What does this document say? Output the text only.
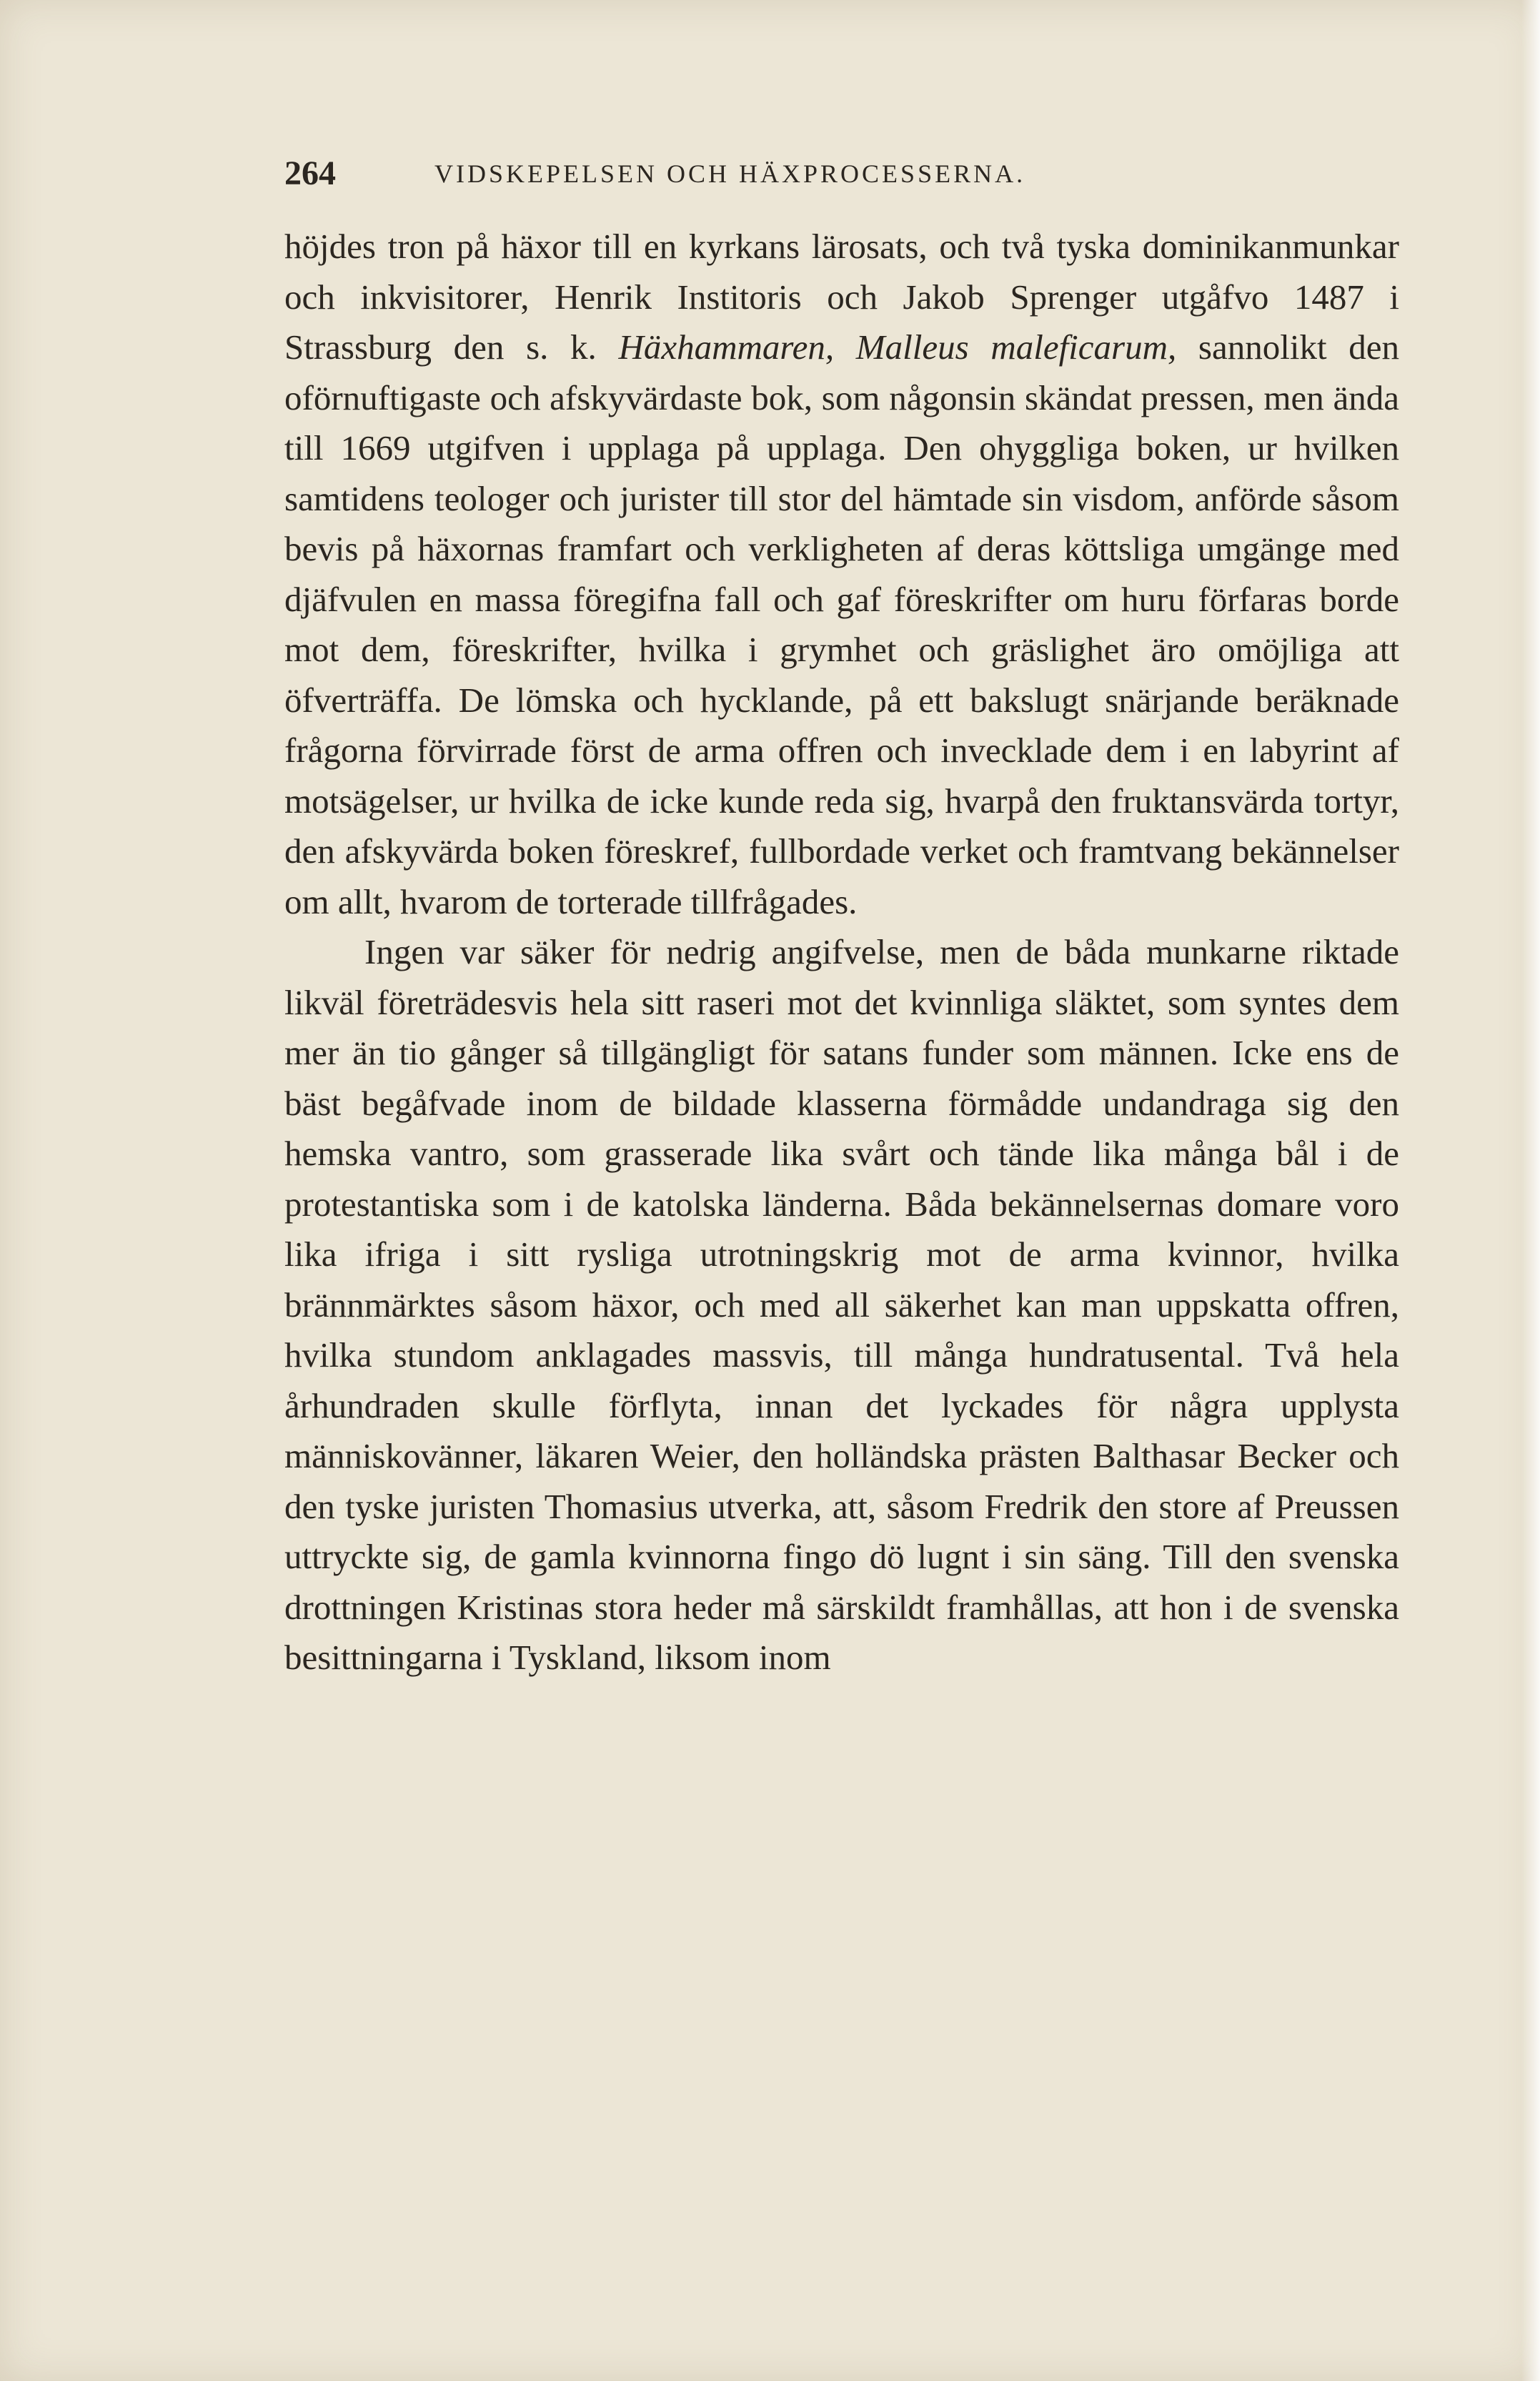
264	VIDSKEPELSEN OCH HÄXPROCESSERNA.

höjdes tron på häxor till en kyrkans lärosats, och två tyska dominikanmunkar och inkvisitorer, Henrik Institoris och Jakob Sprenger utgåfvo 1487 i Strassburg den s. k. Häxhammaren, Malleus maleficarum, sannolikt den oförnuftigaste och afskyvärdaste bok, som någonsin skändat pressen, men ända till 1669 utgifven i upplaga på upplaga. Den ohyggliga boken, ur hvilken samtidens teologer och jurister till stor del hämtade sin visdom, anförde såsom bevis på häxornas framfart och verkligheten af deras köttsliga umgänge med djäfvulen en massa föregifna fall och gaf föreskrifter om huru förfaras borde mot dem, föreskrifter, hvilka i grymhet och gräslighet äro omöjliga att öfverträffa. De lömska och hycklande, på ett bakslugt snärjande beräknade frågorna förvirrade först de arma offren och invecklade dem i en labyrint af motsägelser, ur hvilka de icke kunde reda sig, hvarpå den fruktansvärda tortyr, den afskyvärda boken föreskref, fullbordade verket och framtvang bekännelser om allt, hvarom de torterade tillfrågades.

Ingen var säker för nedrig angifvelse, men de båda munkarne riktade likväl företrädesvis hela sitt raseri mot det kvinnliga släktet, som syntes dem mer än tio gånger så tillgängligt för satans funder som männen. Icke ens de bäst begåfvade inom de bildade klasserna förmådde undandraga sig den hemska vantro, som grasserade lika svårt och tände lika många bål i de protestantiska som i de katolska länderna. Båda bekännelsernas domare voro lika ifriga i sitt rysliga utrotningskrig mot de arma kvinnor, hvilka brännmärktes såsom häxor, och med all säkerhet kan man uppskatta offren, hvilka stundom anklagades massvis, till många hundratusental. Två hela århundraden skulle förflyta, innan det lyckades för några upplysta människovänner, läkaren Weier, den holländska prästen Balthasar Becker och den tyske juristen Thomasius utverka, att, såsom Fredrik den store af Preussen uttryckte sig, de gamla kvinnorna fingo dö lugnt i sin säng. Till den svenska drottningen Kristinas stora heder må särskildt framhållas, att hon i de svenska besittningarna i Tyskland, liksom inom
